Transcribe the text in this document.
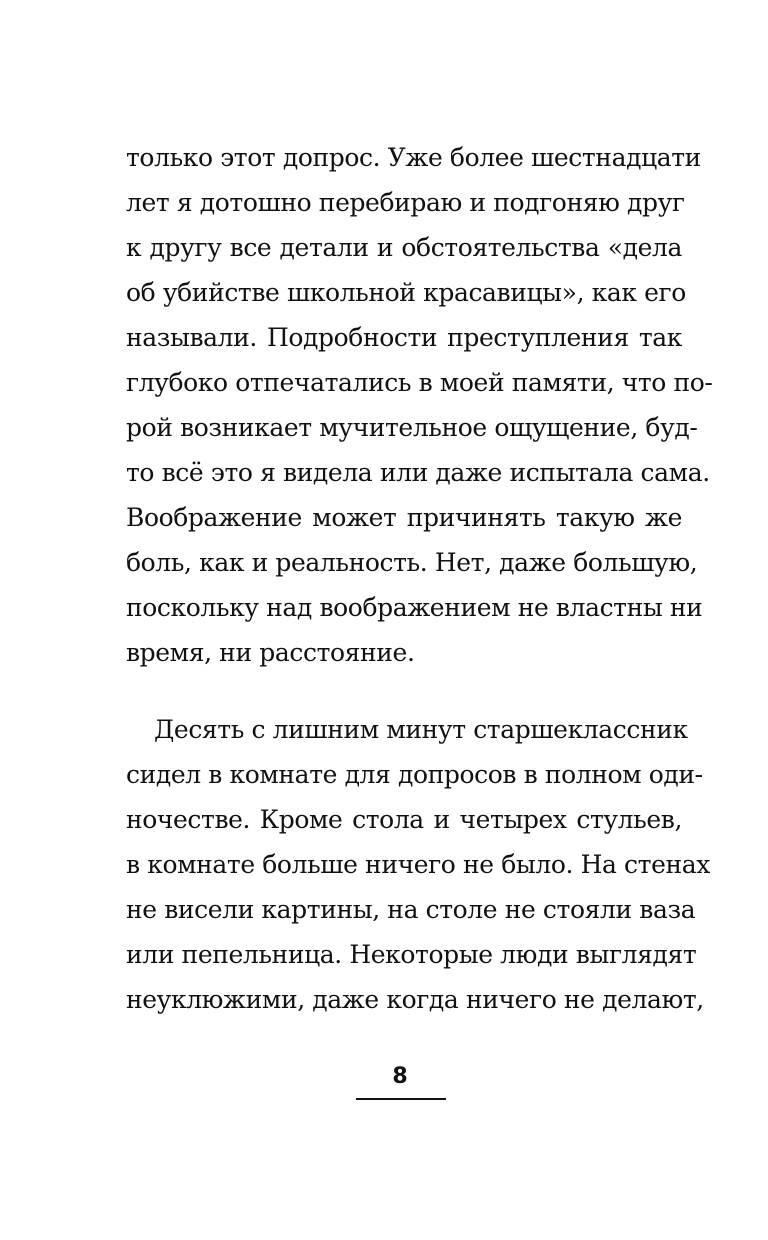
только этот допрос. Уже более шестнадцати
лет я дотошно перебираю и подгоняю друг
к другу все детали и обстоятельства «дела
об убийстве школьной красавицы», как его
называли. Подробности преступления так
глубоко отпечатались в моей памяти, что по-
рой возникает мучительное ощущение, буд-
то всё это я видела или даже испытала сама.
Воображение может причинять такую же
боль, как и реальность. Нет, даже большую,
поскольку над воображением не властны ни
время, ни расстояние.
Десять с лишним минут старшеклассник
сидел в комнате для допросов в полном оди-
ночестве. Кроме стола и четырех стульев,
в комнате больше ничего не было. На стенах
не висели картины, на столе не стояли ваза
или пепельница. Некоторые люди выглядят
неуклюжими, даже когда ничего не делают,
8
